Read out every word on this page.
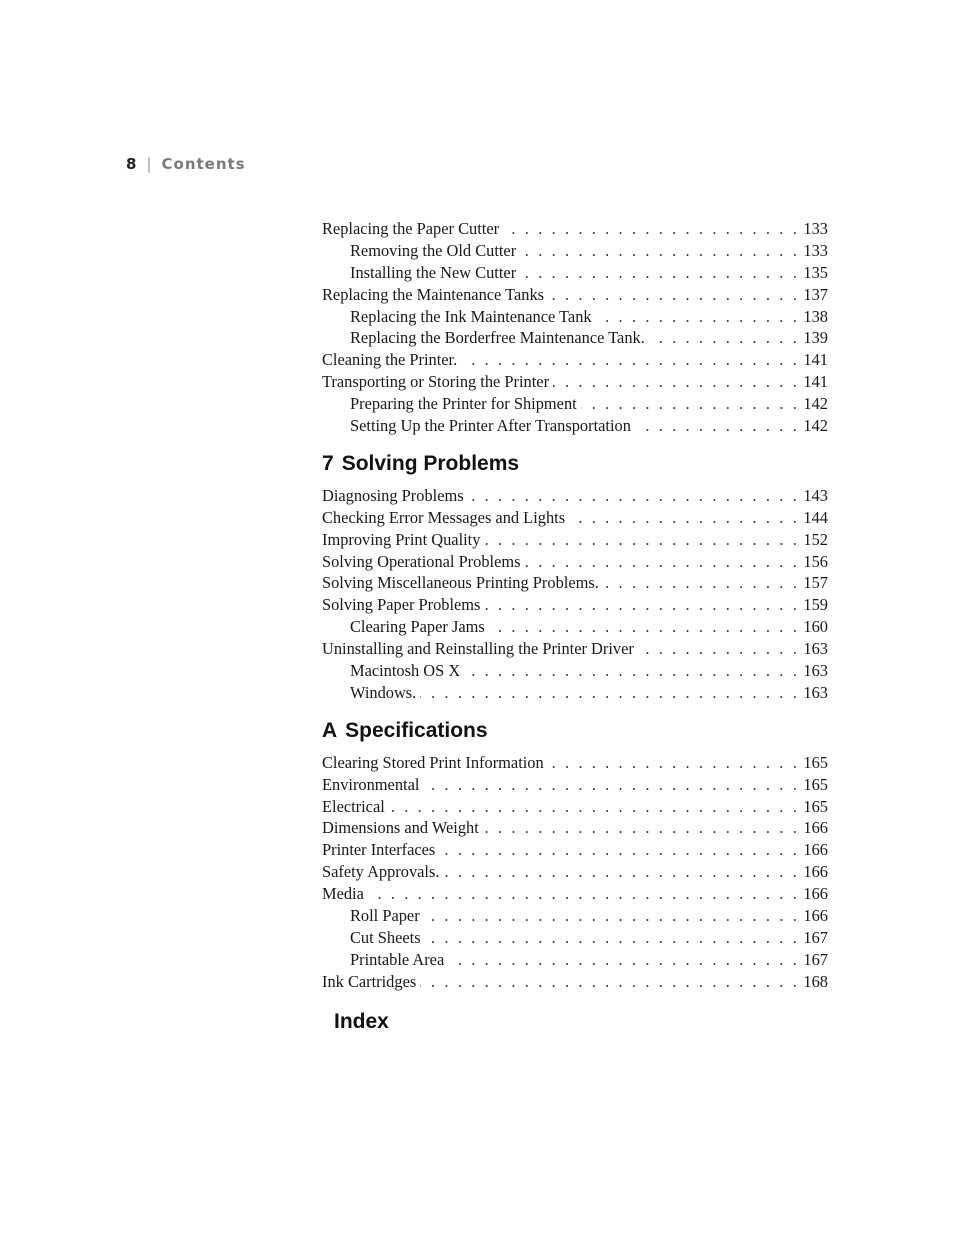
8 | Contents
Replacing the Paper Cutter . . .	133
Removing the Old Cutter . . .	133
Installing the New Cutter . . .	135
Replacing the Maintenance Tanks . . .	137
Replacing the Ink Maintenance Tank . . .	138
Replacing the Borderfree Maintenance Tank. . . .	139
Cleaning the Printer. . . .	141
Transporting or Storing the Printer . . .	141
Preparing the Printer for Shipment . . .	142
Setting Up the Printer After Transportation . . .	142
7 Solving Problems
Diagnosing Problems . . .	143
Checking Error Messages and Lights . . .	144
Improving Print Quality . . .	152
Solving Operational Problems . . .	156
Solving Miscellaneous Printing Problems. . . .	157
Solving Paper Problems . . .	159
Clearing Paper Jams . . .	160
Uninstalling and Reinstalling the Printer Driver . . .	163
Macintosh OS X . . .	163
Windows. . . .	163
A Specifications
Clearing Stored Print Information . . .	165
Environmental . . .	165
Electrical . . .	165
Dimensions and Weight . . .	166
Printer Interfaces . . .	166
Safety Approvals. . . .	166
Media . . .	166
Roll Paper . . .	166
Cut Sheets . . .	167
Printable Area . . .	167
Ink Cartridges . . .	168
Index
